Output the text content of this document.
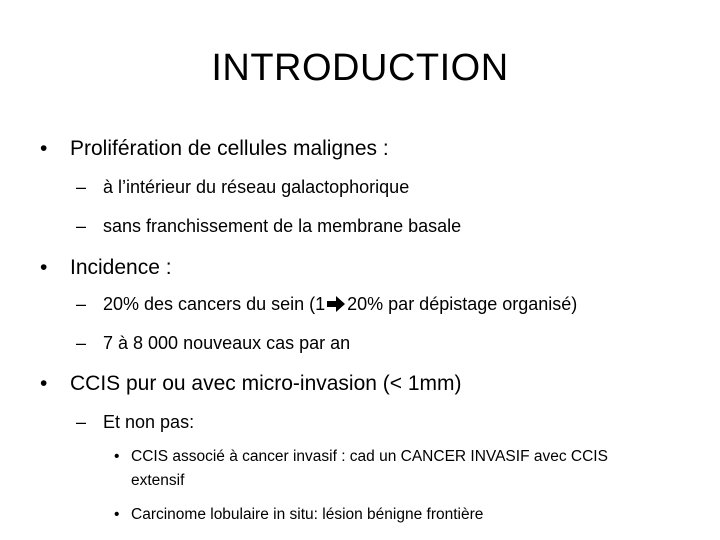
INTRODUCTION
• Prolifération de cellules malignes :
– à l’intérieur du réseau galactophorique
– sans franchissement de la membrane basale
• Incidence :
– 20% des cancers du sein (1 20% par dépistage organisé)
– 7 à 8 000 nouveaux cas par an
• CCIS pur ou avec micro-invasion (< 1mm)
– Et non pas:
• CCIS associé à cancer invasif : cad un CANCER INVASIF avec CCIS
extensif
• Carcinome lobulaire in situ: lésion bénigne frontière
